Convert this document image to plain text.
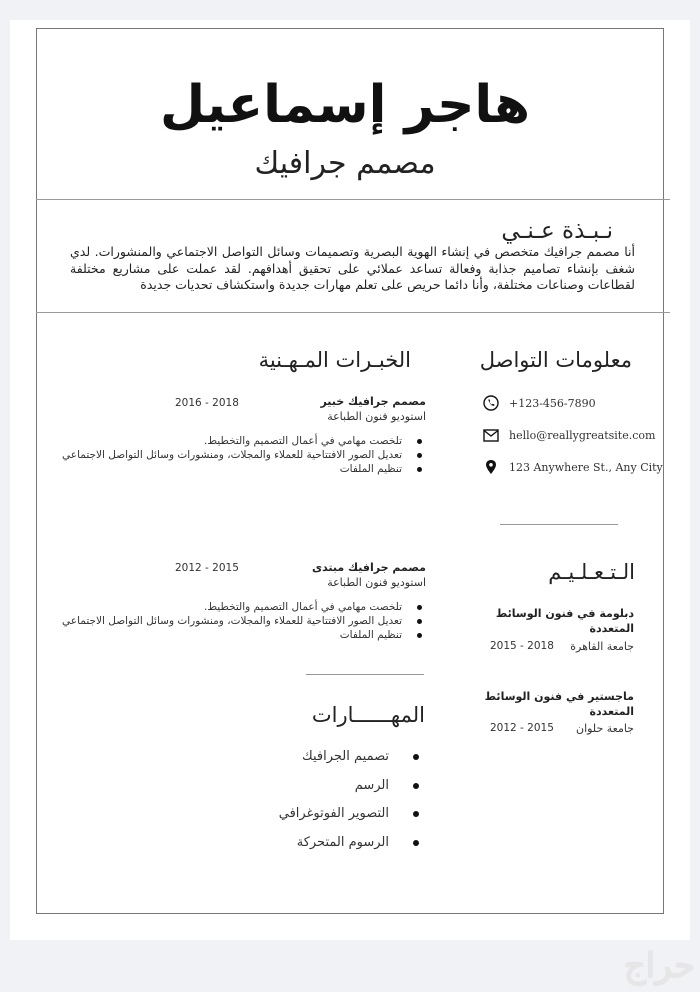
هاجر إسماعيل
مصمم جرافيك
نـبـذة عـنـي
أنا مصمم جرافيك متخصص في إنشاء الهوية البصرية وتصميمات وسائل التواصل الاجتماعي والمنشورات. لدي شغف بإنشاء تصاميم جذابة وفعالة تساعد عملائي على تحقيق أهدافهم. لقد عملت على مشاريع مختلفة لقطاعات وصناعات مختلفة، وأنا دائما حريص على تعلم مهارات جديدة واستكشاف تحديات جديدة
الخبـرات المـهـنية
مصمم جرافيك خبير
استوديو فنون الطباعة
2016 - 2018
تلخصت مهامي في أعمال التصميم والتخطيط.
تعديل الصور الافتتاحية للعملاء والمجلات، ومنشورات وسائل التواصل الاجتماعي
تنظيم الملفات
مصمم جرافيك مبتدى
استوديو فنون الطباعة
2012 - 2015
تلخصت مهامي في أعمال التصميم والتخطيط.
تعديل الصور الافتتاحية للعملاء والمجلات، ومنشورات وسائل التواصل الاجتماعي
تنظيم الملفات
المهــــــارات
تصميم الجرافيك
الرسم
التصوير الفوتوغرافي
الرسوم المتحركة
معلومات التواصل
+123-456-7890
hello@reallygreatsite.com
123 Anywhere St., Any City
الـتـعـلـيـم
دبلومة في فنون الوسائط المتعددة
جامعة القاهرة
2015 - 2018
ماجستير في فنون الوسائط المتعددة
جامعة حلوان
2012 - 2015
حراج
